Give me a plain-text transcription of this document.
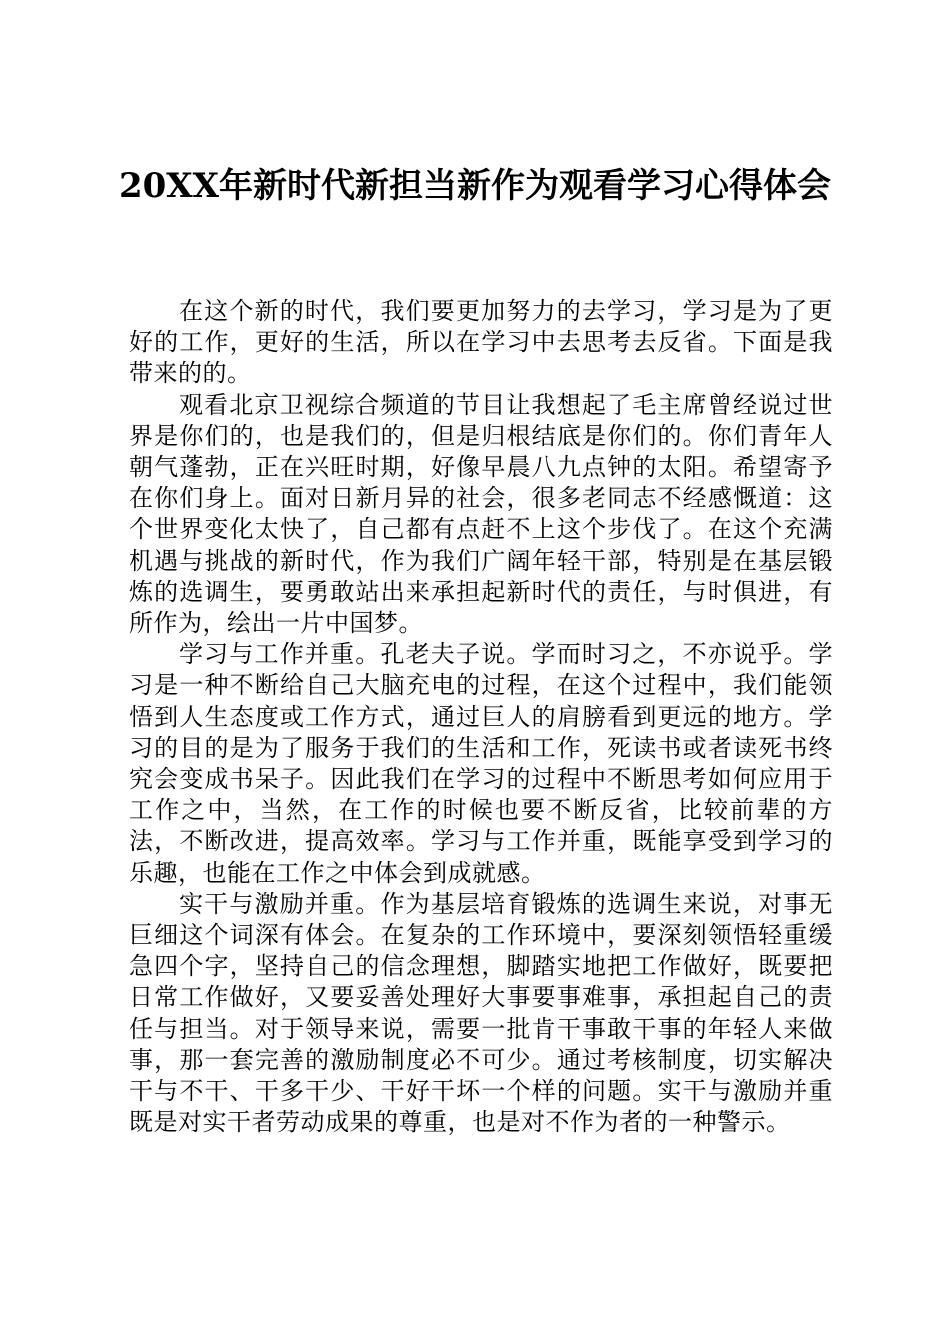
20XX年新时代新担当新作为观看学习心得体会

在这个新的时代，我们要更加努力的去学习，学习是为了更好的工作，更好的生活，所以在学习中去思考去反省。下面是我带来的的。

观看北京卫视综合频道的节目让我想起了毛主席曾经说过世界是你们的，也是我们的，但是归根结底是你们的。你们青年人朝气蓬勃，正在兴旺时期，好像早晨八九点钟的太阳。希望寄予在你们身上。面对日新月异的社会，很多老同志不经感慨道：这个世界变化太快了，自己都有点赶不上这个步伐了。在这个充满机遇与挑战的新时代，作为我们广阔年轻干部，特别是在基层锻炼的选调生，要勇敢站出来承担起新时代的责任，与时俱进，有所作为，绘出一片中国梦。

学习与工作并重。孔老夫子说。学而时习之，不亦说乎。学习是一种不断给自己大脑充电的过程，在这个过程中，我们能领悟到人生态度或工作方式，通过巨人的肩膀看到更远的地方。学习的目的是为了服务于我们的生活和工作，死读书或者读死书终究会变成书呆子。因此我们在学习的过程中不断思考如何应用于工作之中，当然，在工作的时候也要不断反省，比较前辈的方法，不断改进，提高效率。学习与工作并重，既能享受到学习的乐趣，也能在工作之中体会到成就感。

实干与激励并重。作为基层培育锻炼的选调生来说，对事无巨细这个词深有体会。在复杂的工作环境中，要深刻领悟轻重缓急四个字，坚持自己的信念理想，脚踏实地把工作做好，既要把日常工作做好，又要妥善处理好大事要事难事，承担起自己的责任与担当。对于领导来说，需要一批肯干事敢干事的年轻人来做事，那一套完善的激励制度必不可少。通过考核制度，切实解决干与不干、干多干少、干好干坏一个样的问题。实干与激励并重既是对实干者劳动成果的尊重，也是对不作为者的一种警示。
